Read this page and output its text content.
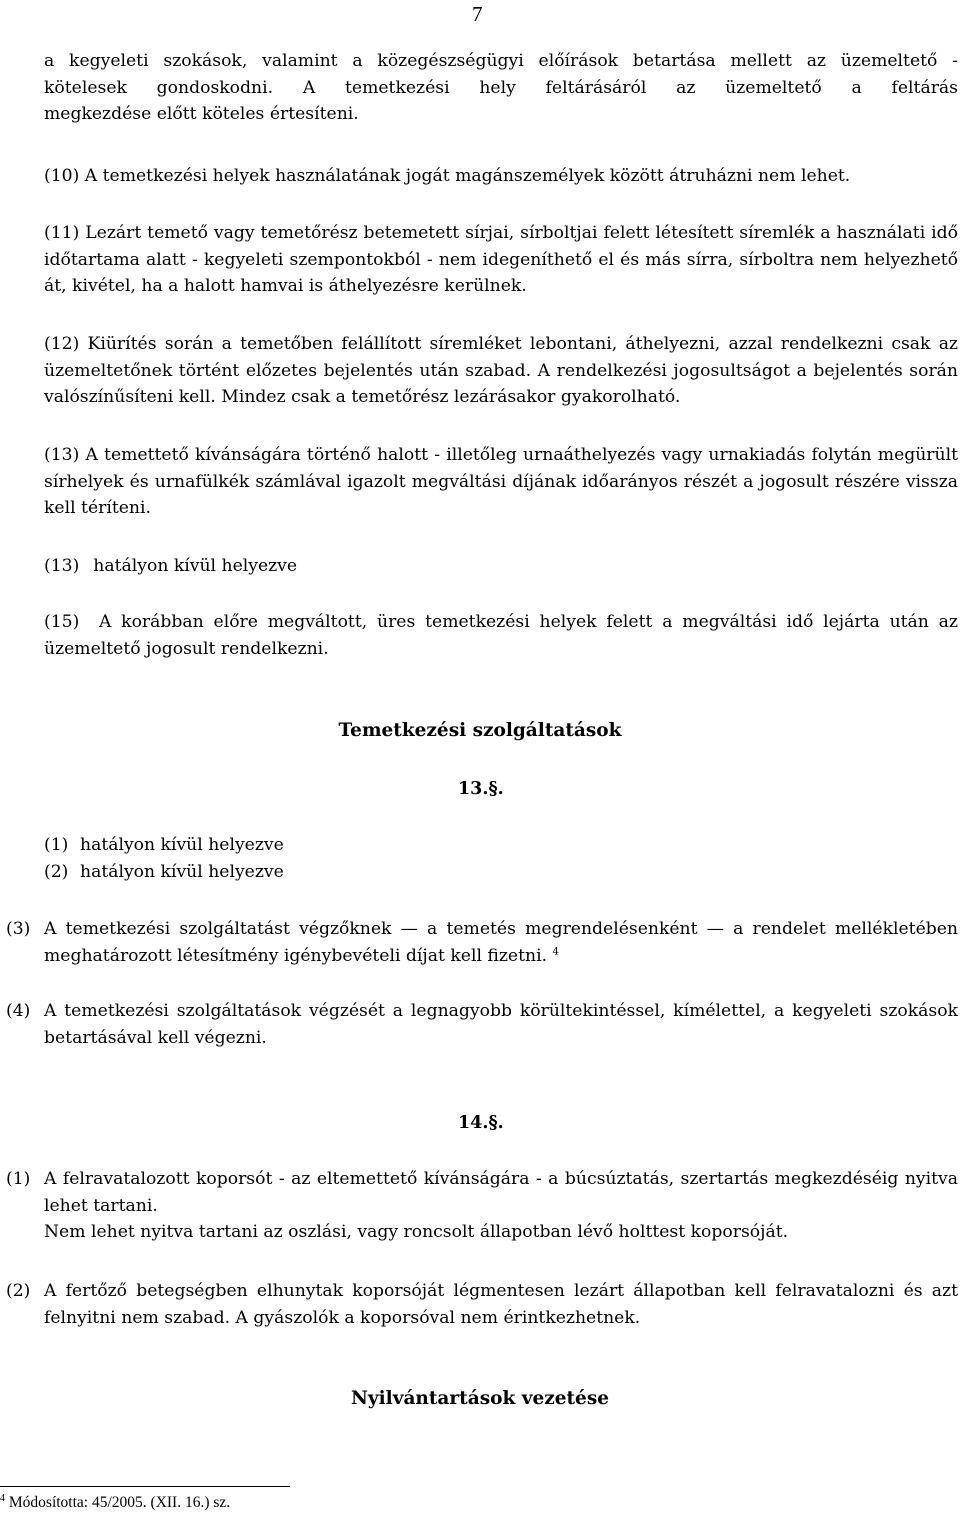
7

a kegyeleti szokások, valamint a közegészségügyi előírások betartása mellett az üzemeltető -

kötelesek gondoskodni. A temetkezési hely feltárásáról az üzemeltető a feltárás

megkezdése előtt köteles értesíteni.

(10) A temetkezési helyek használatának jogát magánszemélyek között átruházni nem lehet.

(11) Lezárt temető vagy temetőrész betemetett sírjai, sírboltjai felett létesített síremlék a használati idő időtartama alatt - kegyeleti szempontokból - nem idegeníthető el és más sírra, sírboltra nem helyezhető át, kivétel, ha a halott hamvai is áthelyezésre kerülnek.

(12) Kiürítés során a temetőben felállított síremléket lebontani, áthelyezni, azzal rendelkezni csak az üzemeltetőnek történt előzetes bejelentés után szabad. A rendelkezési jogosultságot a bejelentés során valószínűsíteni kell. Mindez csak a temetőrész lezárásakor gyakorolható.

(13) A temettető kívánságára történő halott - illetőleg urnaáthelyezés vagy urnakiadás folytán megürült sírhelyek és urnafülkék számlával igazolt megváltási díjának időarányos részét a jogosult részére vissza kell téríteni.

(13) hatályon kívül helyezve

(15) A korábban előre megváltott, üres temetkezési helyek felett a megváltási idő lejárta után az üzemeltető jogosult rendelkezni.

Temetkezési szolgáltatások
13.§.
(1) hatályon kívül helyezve
(2) hatályon kívül helyezve
(3) A temetkezési szolgáltatást végzőknek — a temetés megrendelésenként — a rendelet mellékletében meghatározott létesítmény igénybevételi díjat kell fizetni. $^4$
(4) A temetkezési szolgáltatások végzését a legnagyobb körültekintéssel, kímélettel, a kegyeleti szokások betartásával kell végezni.
14.§.
(1) A felravatalozott koporsót - az eltemettető kívánságára - a búcsúztatás, szertartás megkezdéséig nyitva lehet tartani.
Nem lehet nyitva tartani az oszlási, vagy roncsolt állapotban lévő holttest koporsóját.
(2) A fertőző betegségben elhunytak koporsóját légmentesen lezárt állapotban kell felravatalozni és azt felnyitni nem szabad. A gyászolók a koporsóval nem érintkezhetnek.
Nyilvántartások vezetése
$^4$ Módosította: 45/2005. (XII. 16.) sz.
